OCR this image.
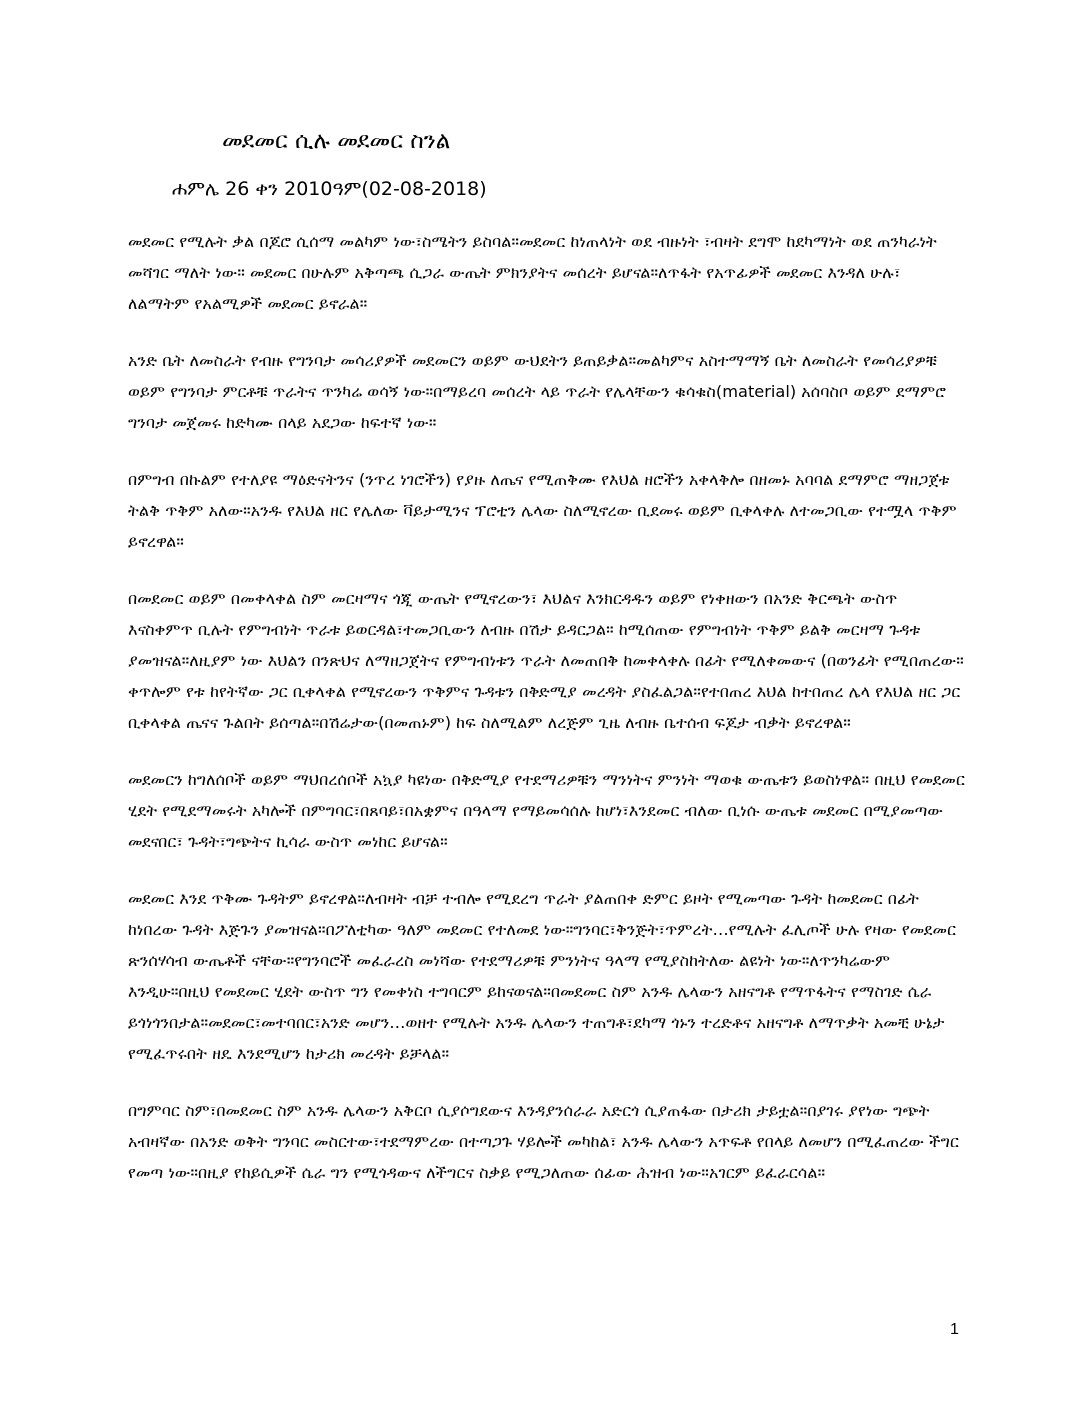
መደመር ሲሉ መደመር ስንል
ሐምሌ 26 ቀን 2010ዓም(02-08-2018)

መደመር የሚሉት ቃል በጆሮ ሲሰማ መልካም ነው፣ስሜትን ይስባል።መደመር ከነጠላነት ወደ ብዙነት ፣ብዛት ደግሞ ከደካማነት ወደ ጠንካራነት መሻገር ማለት ነው። መደመር በሁሉም አቅጣጫ ሲጋራ ውጤት ምክንያትና መሰረት ይሆናል።ለጥፋት የአጥፊዎች መደመር እንዳለ ሁሉ፣ ለልማትም የአልሚዎች መደመር ይኖራል።

አንድ ቤት ለመስራት የብዙ የግንባታ መሳሪያዎች መደመርን ወይም ውህደትን ይጠይቃል።መልካምና አስተማማኝ ቤት ለመስራት የመሳሪያዎቹ ወይም የግንባታ ምርቶቹ ጥራትና ጥንካሬ ወሳኝ ነው።በማይረባ መሰረት ላይ ጥራት የሌላቸውን ቁሳቁስ(material) አሰባስቦ ወይም ደማምሮ ግንባታ መጀመሩ ከድካሙ በላይ አደጋው ከፍተኛ ነው።

በምግብ በኩልም የተለያዩ ማዕድናትንና (ንጥረ ነገሮችን) የያዙ ለጤና የሚጠቅሙ የእህል ዘሮችን አቀላቅሎ በዘመኑ አባባል ደማምሮ ማዘጋጀቱ ትልቅ ጥቅም አለው።አንዱ የእህል ዘር የሌለው ቫይታሚንና ፕሮቲን ሌላው ስለሚኖረው ቢደመሩ ወይም ቢቀላቀሉ ለተመጋቢው የተሟላ ጥቅም ይኖረዋል።

በመደመር ወይም በመቀላቀል ስም መርዛማና ጎጂ ውጤት የሚኖረውን፣ እህልና እንክርዳዱን ወይም የነቀዘውን በአንድ ቅርጫት ውስጥ እናስቀምጥ ቢሉት የምግብነት ጥራቱ ይወርዳል፣ተመጋቢውን ለብዙ በሽታ ይዳርጋል። ከሚሰጠው የምግብነት ጥቅም ይልቅ መርዛማ ጉዳቱ ያመዝናል።ለዚያም ነው እህልን በንጽህና ለማዘጋጀትና የምግብነቱን ጥራት ለመጠበቅ ከመቀላቀሉ በፊት የሚለቀመውና (በወንፊት የሚበጠረው። ቀጥሎም የቱ ከየትኛው ጋር ቢቀላቀል የሚኖረውን ጥቅምና ጉዳቱን በቅድሚያ መረዳት ያስፈልጋል።የተበጠረ እህል ከተበጠረ ሌላ የእህል ዘር ጋር ቢቀላቀል ጤናና ጉልበት ይሰጣል።በሽሬታው(በመጠኑም) ከፍ ስለሚልም ለረጅም ጊዜ ለብዙ ቤተሰብ ፍጆታ ብቃት ይኖረዋል።

መደመርን ከግለሰቦች ወይም ማህበረሰቦች አኳያ ካዩነው በቅድሚያ የተደማሪዎቹን ማንነትና ምንነት ማወቁ ውጤቱን ይወስነዋል። በዚህ የመደመር ሂደት የሚደማመሩት አካሎች በምግባር፣በጸባይ፣በአቋምና በዓላማ የማይመሳሰሉ ከሆነ፣እንደመር ብለው ቢነሱ ውጤቱ መደመር በሚያመጣው መደናበር፣ ጉዳት፣ግጭትና ኪሳራ ውስጥ መነከር ይሆናል።

መደመር እንደ ጥቅሙ ጉዳትም ይኖረዋል።ለብዛት ብቻ ተብሎ የሚደረግ ጥራት ያልጠበቀ ድምር ይዞት የሚመጣው ጉዳት ከመደመር በፊት ከነበረው ጉዳት እጅጉን ያመዝናል።በፖለቲካው ዓለም መደመር የተለመደ ነው።ግንባር፣ቅንጅት፣ጥምረት…የሚሉት ፈሊጦች ሁሉ የዛው የመደመር ጽንሰሃሳብ ውጤቶች ናቸው።የግንባሮች መፈራረስ መነሻው የተደማሪዎቹ ምንነትና ዓላማ የሚያስከትለው ልዩነት ነው።ለጥንካሬውም እንዲሁ።በዚህ የመደመር ሂደት ውስጥ ግን የመቀነስ ተግባርም ይከናወናል።በመደመር ስም አንዱ ሌላውን አዘናግቶ የማጥፋትና የማስገድ ሴራ ይጎነጎንበታል።መደመር፣መተባበር፣አንድ መሆን…ወዘተ የሚሉት አንዱ ሌላውን ተጠግቶ፣ደካማ ጎኑን ተረድቶና አዘናግቶ ለማጥቃት አመቺ ሁኔታ የሚፈጥሩበት ዘዴ እንደሚሆን ከታሪክ መረዳት ይቻላል።

በግምባር ስም፣በመደመር ስም አንዱ ሌላውን አቅርቦ ሲያሶግደውና እንዳያንሰራራ አድርጎ ሲያጠፋው በታሪክ ታይቷል።በያገሩ ያየነው ግጭት አብዛኛው በአንድ ወቅት ግንባር መስርተው፣ተደማምረው በተጣጋጉ ሃይሎች መካከል፣ አንዱ ሌላውን አጥፍቶ የበላይ ለመሆን በሚፈጠረው ችግር የመጣ ነው።በዚያ የከይሲዎች ሴራ ግን የሚጎዳውና ለችግርና ስቃይ የሚጋለጠው ሰፊው ሕዝብ ነው።አገርም ይፈራርሳል።

1
